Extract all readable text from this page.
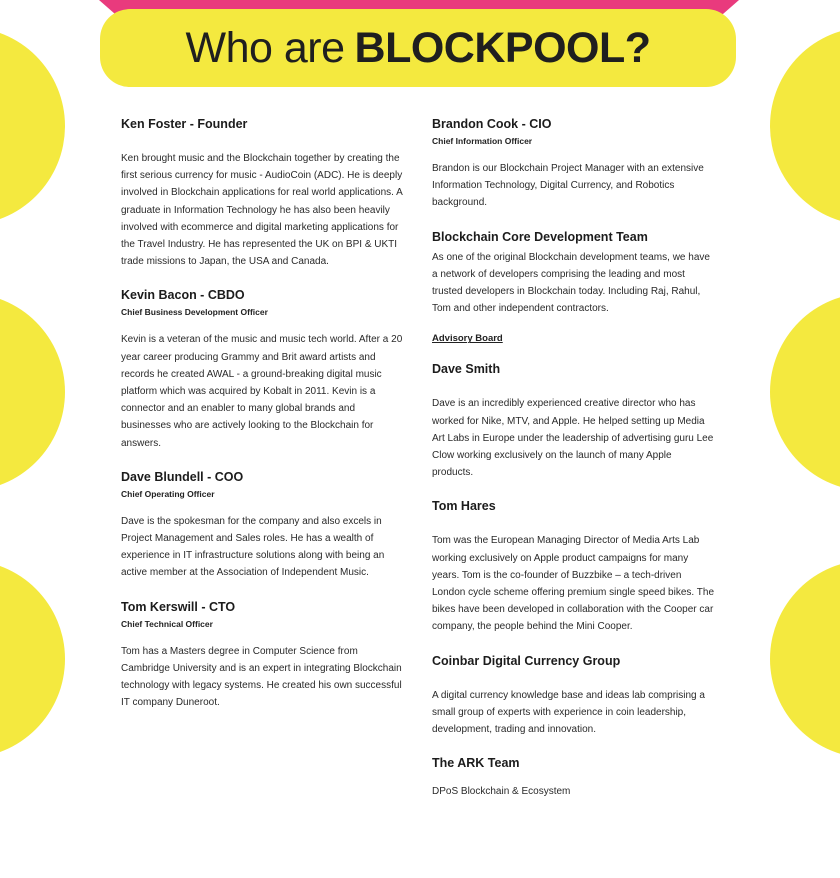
Who are BLOCKPOOL?

Ken Foster - Founder

Ken brought music and the Blockchain together by creating the first serious currency for music - AudioCoin (ADC). He is deeply involved in Blockchain applications for real world applications. A graduate in Information Technology he has also been heavily involved with ecommerce and digital marketing applications for the Travel Industry. He has represented the UK on BPI & UKTI trade missions to Japan, the USA and Canada.

Kevin Bacon - CBDO

Chief Business Development Officer

Kevin is a veteran of the music and music tech world. After a 20 year career producing Grammy and Brit award artists and records he created AWAL - a ground-breaking digital music platform which was acquired by Kobalt in 2011. Kevin is a connector and an enabler to many global brands and businesses who are actively looking to the Blockchain for answers.

Dave Blundell - COO

Chief Operating Officer

Dave is the spokesman for the company and also excels in Project Management and Sales roles. He has a wealth of experience in IT infrastructure solutions along with being an active member at the Association of Independent Music.

Tom Kerswill - CTO

Chief Technical Officer

Tom has a Masters degree in Computer Science from Cambridge University and is an expert in integrating Blockchain technology with legacy systems. He created his own successful IT company Duneroot.

Brandon Cook - CIO

Chief Information Officer

Brandon is our Blockchain Project Manager with an extensive Information Technology, Digital Currency, and Robotics background.

Blockchain Core Development Team

As one of the original Blockchain development teams, we have a network of developers comprising the leading and most trusted developers in Blockchain today. Including Raj, Rahul, Tom and other independent contractors.

Advisory Board

Dave Smith

Dave is an incredibly experienced creative director who has worked for Nike, MTV, and Apple. He helped setting up Media Art Labs in Europe under the leadership of advertising guru Lee Clow working exclusively on the launch of many Apple products.

Tom Hares

Tom was the European Managing Director of Media Arts Lab working exclusively on Apple product campaigns for many years. Tom is the co-founder of Buzzbike – a tech-driven London cycle scheme offering premium single speed bikes. The bikes have been developed in collaboration with the Cooper car company, the people behind the Mini Cooper.

Coinbar Digital Currency Group

A digital currency knowledge base and ideas lab comprising a small group of experts with experience in coin leadership, development, trading and innovation.

The ARK Team

DPoS Blockchain & Ecosystem
